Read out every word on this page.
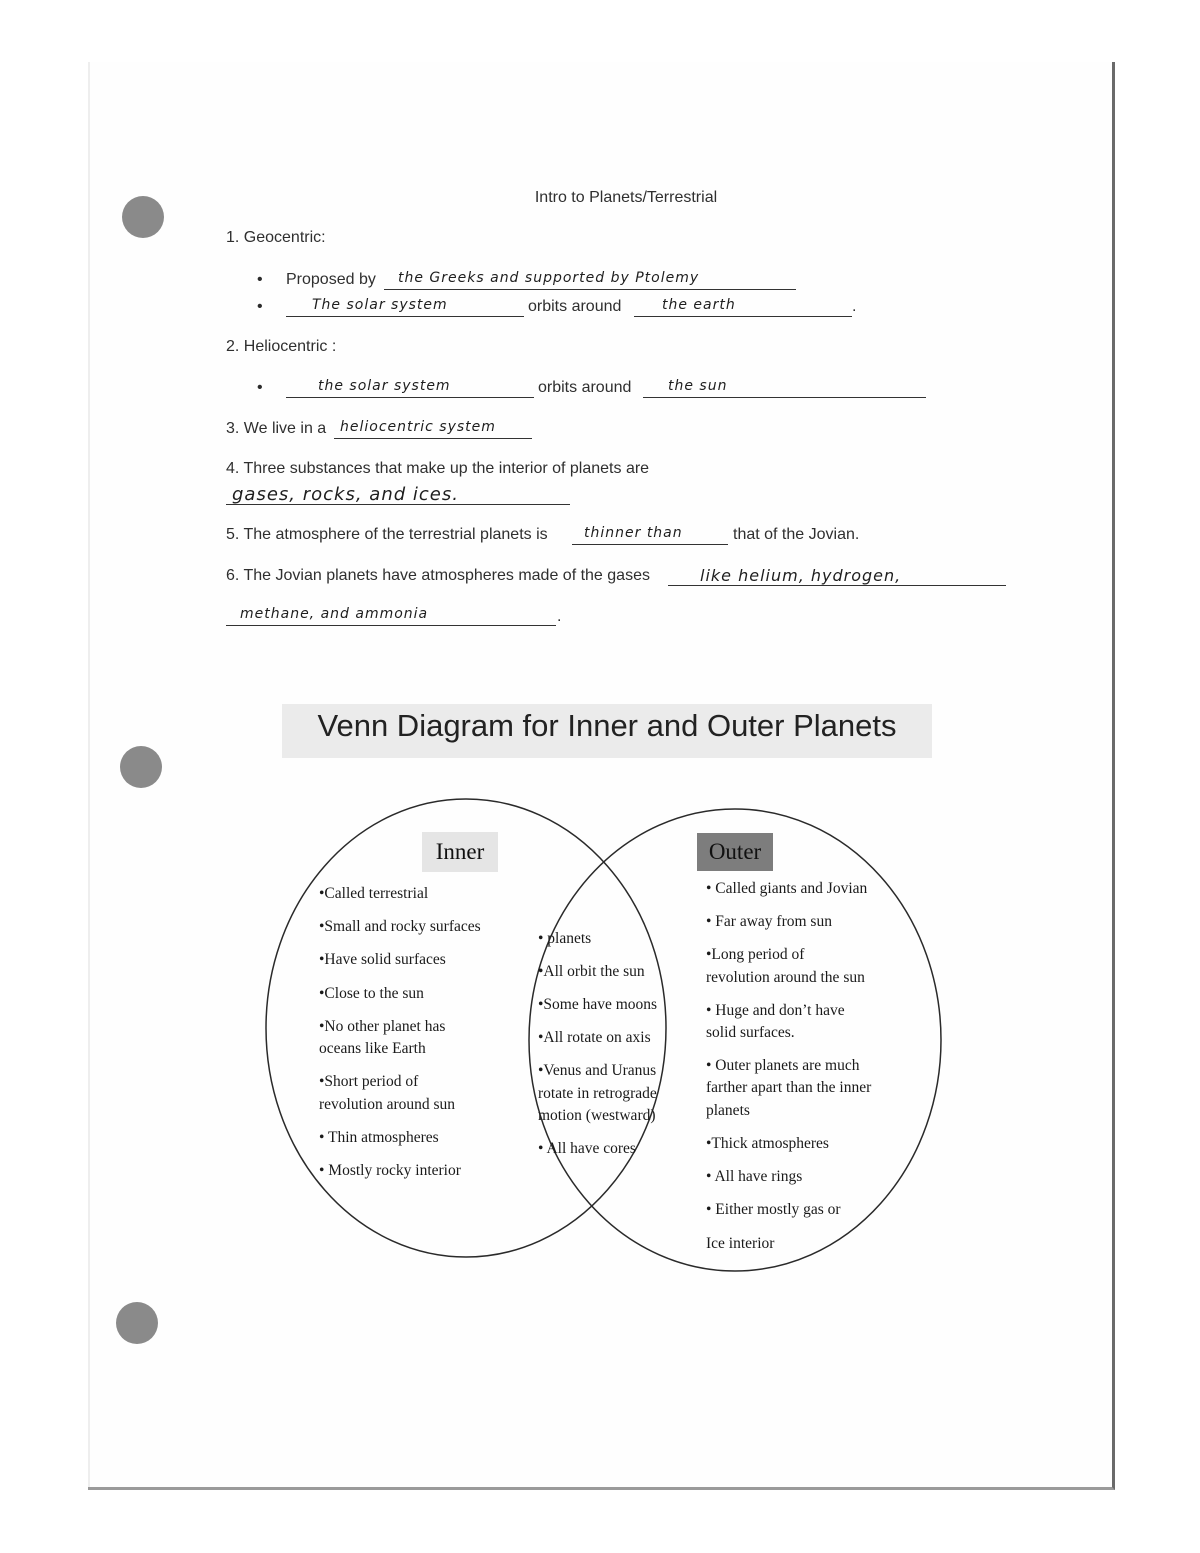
Intro to Planets/Terrestrial
1. Geocentric:
• Proposed by the Greeks and supported by Ptolemy
•	The solar system	orbits around	the earth	.
2. Heliocentric :
•	the solar system	orbits around	the sun
3. We live in a heliocentric system
4. Three substances that make up the interior of planets are
gases, rocks, and ices.
5. The atmosphere of the terrestrial planets is	thinner than	that of the Jovian.
6. The Jovian planets have atmospheres made of the gases	like helium, hydrogen,
methane, and ammonia	.
Venn Diagram for Inner and Outer Planets
Inner	Outer
•Called terrestrial
•Small and rocky surfaces
•Have solid surfaces
•Close to the sun
•No other planet has
oceans like Earth
•Short period of
revolution around sun
• Thin atmospheres
• Mostly rocky interior
• planets
•All orbit the sun
•Some have moons
•All rotate on axis
•Venus and Uranus
rotate in retrograde
motion (westward)
• All have cores
• Called giants and Jovian
• Far away from sun
•Long period of
revolution around the sun
• Huge and don’t have
solid surfaces.
• Outer planets are much
farther apart than the inner
planets
•Thick atmospheres
• All have rings
• Either mostly gas or
Ice interior
